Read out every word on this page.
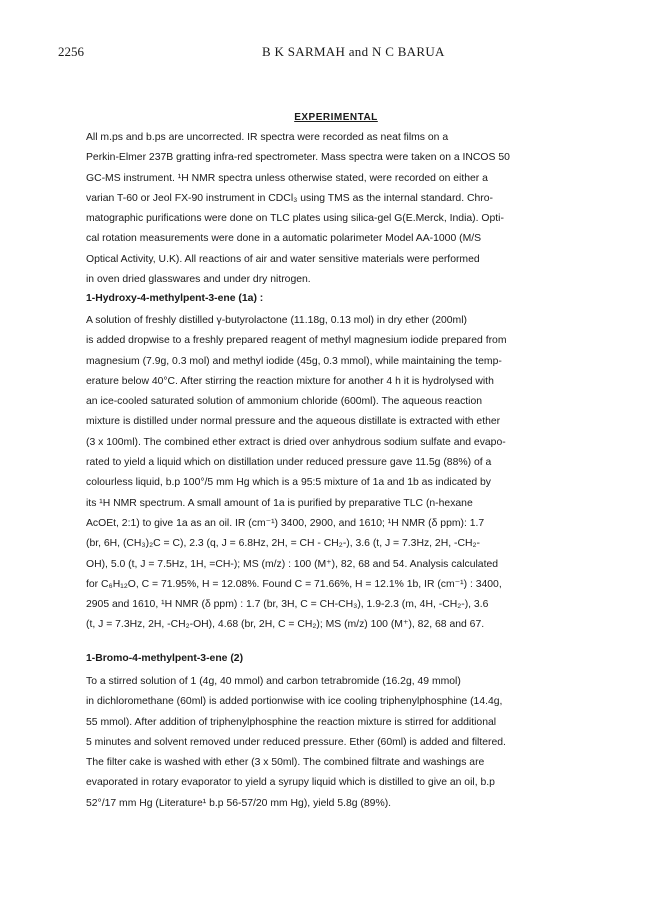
2256	B K SARMAH and N C BARUA
EXPERIMENTAL
All m.ps and b.ps are uncorrected. IR spectra were recorded as neat films on a
Perkin-Elmer 237B gratting infra-red spectrometer. Mass spectra were taken on a INCOS 50
GC-MS instrument. ¹H NMR spectra unless otherwise stated, were recorded on either a
varian T-60 or Jeol FX-90 instrument in CDCl₃ using TMS as the internal standard. Chro-
matographic purifications were done on TLC plates using silica-gel G(E.Merck, India). Opti-
cal rotation measurements were done in a automatic polarimeter Model AA-1000 (M/S
Optical Activity, U.K). All reactions of air and water sensitive materials were performed
in oven dried glasswares and under dry nitrogen.
1-Hydroxy-4-methylpent-3-ene (1a) :
A solution of freshly distilled γ-butyrolactone (11.18g, 0.13 mol) in dry ether (200ml)
is added dropwise to a freshly prepared reagent of methyl magnesium iodide prepared from
magnesium (7.9g, 0.3 mol) and methyl iodide (45g, 0.3 mmol), while maintaining the temp-
erature below 40°C. After stirring the reaction mixture for another 4 h it is hydrolysed with
an ice-cooled saturated solution of ammonium chloride (600ml). The aqueous reaction
mixture is distilled under normal pressure and the aqueous distillate is extracted with ether
(3 x 100ml). The combined ether extract is dried over anhydrous sodium sulfate and evapo-
rated to yield a liquid which on distillation under reduced pressure gave 11.5g (88%) of a
colourless liquid, b.p 100°/5 mm Hg which is a 95:5 mixture of 1a and 1b as indicated by
its ¹H NMR spectrum. A small amount of 1a is purified by preparative TLC (n-hexane
AcOEt, 2:1) to give 1a as an oil. IR (cm⁻¹) 3400, 2900, and 1610; ¹H NMR (δ ppm): 1.7
(br, 6H, (CH₃)₂C = C), 2.3 (q, J = 6.8Hz, 2H, = CH - CH₂-), 3.6 (t, J = 7.3Hz, 2H, -CH₂-
OH), 5.0 (t, J = 7.5Hz, 1H, =CH-); MS (m/z) : 100 (M⁺), 82, 68 and 54. Analysis calculated
for C₆H₁₂O, C = 71.95%, H = 12.08%. Found C = 71.66%, H = 12.1% 1b, IR (cm⁻¹) : 3400,
2905 and 1610, ¹H NMR (δ ppm) : 1.7 (br, 3H, C = CH-CH₃), 1.9-2.3 (m, 4H, -CH₂-), 3.6
(t, J = 7.3Hz, 2H, -CH₂-OH), 4.68 (br, 2H, C = CH₂); MS (m/z) 100 (M⁺), 82, 68 and 67.
1-Bromo-4-methylpent-3-ene (2)
To a stirred solution of 1 (4g, 40 mmol) and carbon tetrabromide (16.2g, 49 mmol)
in dichloromethane (60ml) is added portionwise with ice cooling triphenylphosphine (14.4g,
55 mmol). After addition of triphenylphosphine the reaction mixture is stirred for additional
5 minutes and solvent removed under reduced pressure. Ether (60ml) is added and filtered.
The filter cake is washed with ether (3 x 50ml). The combined filtrate and washings are
evaporated in rotary evaporator to yield a syrupy liquid which is distilled to give an oil, b.p
52°/17 mm Hg (Literature¹ b.p 56-57/20 mm Hg), yield 5.8g (89%).
